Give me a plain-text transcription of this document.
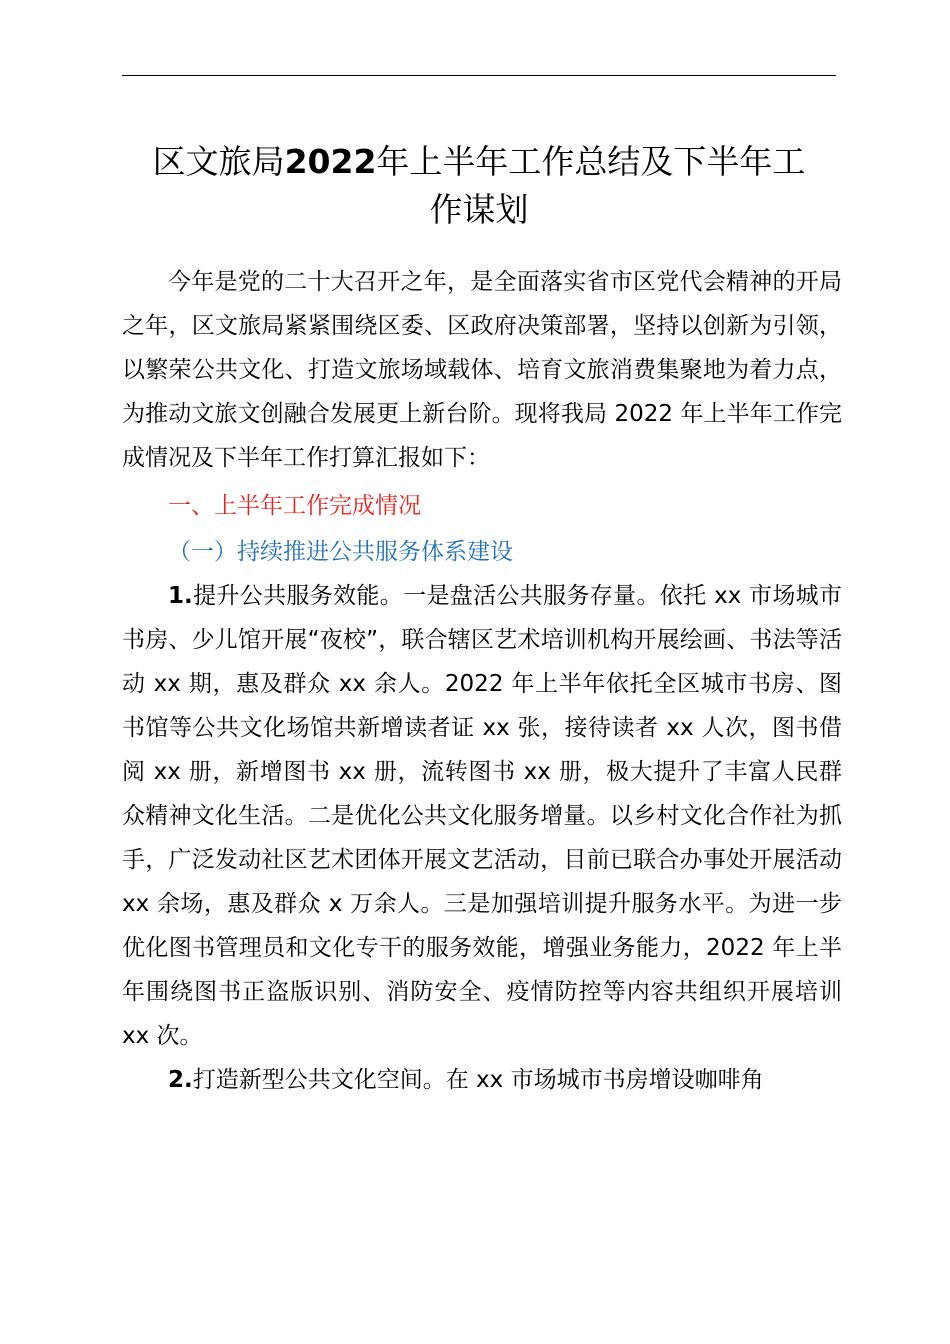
区文旅局2022年上半年工作总结及下半年工
作谋划

今年是党的二十大召开之年，是全面落实省市区党代会精神的开局之年，区文旅局紧紧围绕区委、区政府决策部署，坚持以创新为引领，以繁荣公共文化、打造文旅场域载体、培育文旅消费集聚地为着力点，为推动文旅文创融合发展更上新台阶。现将我局 2022 年上半年工作完成情况及下半年工作打算汇报如下：

一、上半年工作完成情况

（一）持续推进公共服务体系建设

1.提升公共服务效能。一是盘活公共服务存量。依托 xx 市场城市书房、少儿馆开展“夜校”，联合辖区艺术培训机构开展绘画、书法等活动 xx 期，惠及群众 xx 余人。2022 年上半年依托全区城市书房、图书馆等公共文化场馆共新增读者证 xx 张，接待读者 xx 人次，图书借阅 xx 册，新增图书 xx 册，流转图书 xx 册，极大提升了丰富人民群众精神文化生活。二是优化公共文化服务增量。以乡村文化合作社为抓手，广泛发动社区艺术团体开展文艺活动，目前已联合办事处开展活动 xx 余场，惠及群众 x 万余人。三是加强培训提升服务水平。为进一步优化图书管理员和文化专干的服务效能，增强业务能力，2022 年上半年围绕图书正盗版识别、消防安全、疫情防控等内容共组织开展培训 xx 次。

2.打造新型公共文化空间。在 xx 市场城市书房增设咖啡角
